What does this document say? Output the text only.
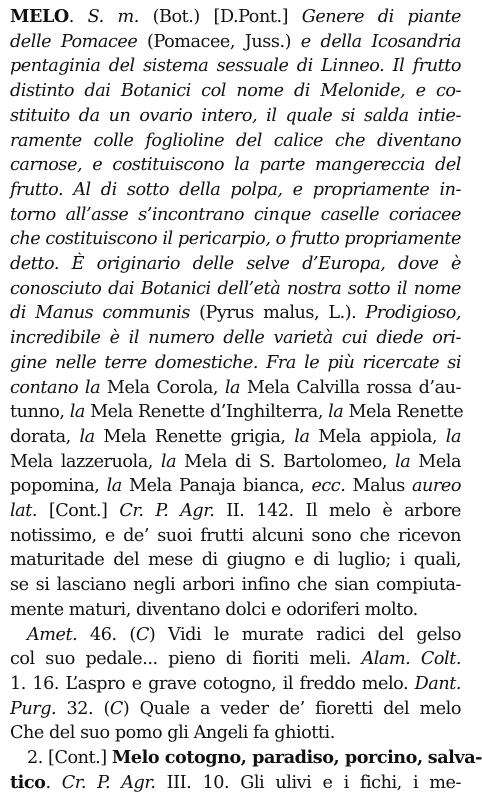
MELO. S. m. (Bot.) [D.Pont.] Genere di piante
delle Pomacee (Pomacee, Juss.) e della Icosandria
pentaginia del sistema sessuale di Linneo. Il frutto
distinto dai Botanici col nome di Melonide, e co-
stituito da un ovario intero, il quale si salda intie-
ramente colle foglioline del calice che diventano
carnose, e costituiscono la parte mangereccia del
frutto. Al di sotto della polpa, e propriamente in-
torno all’asse s’incontrano cinque caselle coriacee
che costituiscono il pericarpio, o frutto propriamente
detto. È originario delle selve d’Europa, dove è
conosciuto dai Botanici dell’età nostra sotto il nome
di Manus communis (Pyrus malus, L.). Prodigioso,
incredibile è il numero delle varietà cui diede ori-
gine nelle terre domestiche. Fra le più ricercate si
contano la Mela Corola, la Mela Calvilla rossa d’au-
tunno, la Mela Renette d’Inghilterra, la Mela Renette
dorata, la Mela Renette grigia, la Mela appiola, la
Mela lazzeruola, la Mela di S. Bartolomeo, la Mela
popomina, la Mela Panaja bianca, ecc. Malus aureo
lat. [Cont.] Cr. P. Agr. II. 142. Il melo è arbore
notissimo, e de’ suoi frutti alcuni sono che ricevon
maturitade del mese di giugno e di luglio; i quali,
se si lasciano negli arbori infino che sian compiuta-
mente maturi, diventano dolci e odoriferi molto.
Amet. 46. (C) Vidi le murate radici del gelso
col suo pedale... pieno di fioriti meli. Alam. Colt.
1. 16. L’aspro e grave cotogno, il freddo melo. Dant.
Purg. 32. (C) Quale a veder de’ fioretti del melo
Che del suo pomo gli Angeli fa ghiotti.
2. [Cont.] Melo cotogno, paradiso, porcino, salva-
tico. Cr. P. Agr. III. 10. Gli ulivi e i fichi, i me-
